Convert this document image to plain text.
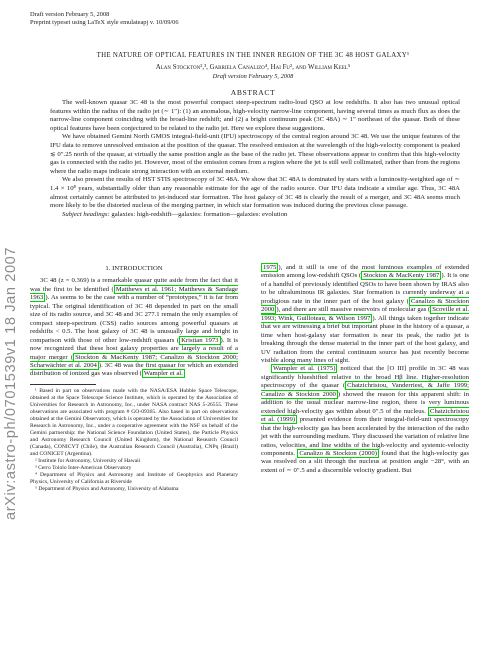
Draft version February 5, 2008
Preprint typeset using LaTeX style emulateapj v. 10/09/06
arXiv:astro-ph/0701539v1 18 Jan 2007
THE NATURE OF OPTICAL FEATURES IN THE INNER REGION OF THE 3C 48 HOST GALAXY¹
Alan Stockton²,³, Gabriela Canalizo⁴, Hai Fu², and William Keel⁵
Draft version February 5, 2008
ABSTRACT

The well-known quasar 3C 48 is the most powerful compact steep-spectrum radio-loud QSO at low redshifts. It also has two unusual optical features within the radius of the radio jet (∼ 1″): (1) an anomalous, high-velocity narrow-line component, having several times as much flux as does the narrow-line component coinciding with the broad-line redshift; and (2) a bright continuum peak (3C 48A) ∼ 1″ northeast of the quasar. Both of these optical features have been conjectured to be related to the radio jet. Here we explore these suggestions.

We have obtained Gemini North GMOS integral-field-unit (IFU) spectroscopy of the central region around 3C 48. We use the unique features of the IFU data to remove unresolved emission at the position of the quasar. The resolved emission at the wavelength of the high-velocity component is peaked ≲ 0″.25 north of the quasar, at virtually the same position angle as the base of the radio jet. These observations appear to confirm that this high-velocity gas is connected with the radio jet. However, most of the emission comes from a region where the jet is still well collimated, rather than from the regions where the radio maps indicate strong interaction with an external medium.

We also present the results of HST STIS spectroscopy of 3C 48A. We show that 3C 48A is dominated by stars with a luminosity-weighted age of ∼ 1.4 × 10⁸ years, substantially older than any reasonable estimate for the age of the radio source. Our IFU data indicate a similar age. Thus, 3C 48A almost certainly cannot be attributed to jet-induced star formation. The host galaxy of 3C 48 is clearly the result of a merger, and 3C 48A seems much more likely to be the distorted nucleus of the merging partner, in which star formation was induced during the previous close passage.

Subject headings: galaxies: high-redshift—galaxies: formation—galaxies: evolution

1. INTRODUCTION

3C 48 (z = 0.369) is a remarkable quasar quite aside from the fact that it was the first to be identified ( Matthews et al. 1961; Matthews & Sandage 1963 ). As seems to be the case with a number of “prototypes,” it is far from typical. The original identification of 3C 48 depended in part on the small size of its radio source, and 3C 48 and 3C 277.1 remain the only examples of compact steep-spectrum (CSS) radio sources among powerful quasars at redshifts < 0.5. The host galaxy of 3C 48 is unusually large and bright in comparison with those of other low-redshift quasars ( Kristian 1973 ). It is now recognized that these host galaxy properties are largely a result of a major merger ( Stockton & MacKenty 1987; Canalizo & Stockton 2000; Scharwächter et al. 2004 ). 3C 48 was the first quasar for which an extended distribution of ionized gas was observed ( Wampler et al.

¹ Based in part on observations made with the NASA/ESA Hubble Space Telescope, obtained at the Space Telescope Science Institute, which is operated by the Association of Universities for Research in Astronomy, Inc., under NASA contract NAS 5-26555. These observations are associated with program # GO-09365. Also based in part on observations obtained at the Gemini Observatory, which is operated by the Association of Universities for Research in Astronomy, Inc., under a cooperative agreement with the NSF on behalf of the Gemini partnership: the National Science Foundation (United States), the Particle Physics and Astronomy Research Council (United Kingdom), the National Research Council (Canada), CONICYT (Chile), the Australian Research Council (Australia), CNPq (Brazil) and CONICET (Argentina).

² Institute for Astronomy, University of Hawaii

³ Cerro Tololo Inter-American Observatory

⁴ Department of Physics and Astronomy and Institute of Geophysics and Planetary Physics, University of California at Riverside

⁵ Department of Physics and Astronomy, University of Alabama

1975 ), and it still is one of the most luminous examples of extended emission among low-redshift QSOs ( Stockton & MacKenty 1987 ). It is one of a handful of previously identified QSOs to have been shown by IRAS also to be ultraluminous IR galaxies. Star formation is currently underway at a prodigious rate in the inner part of the host galaxy ( Canalizo & Stockton 2000 ), and there are still massive reservoirs of molecular gas ( Scoville et al. 1993; Wink, Guilloteau, & Wilson 1997 ). All things taken together indicate that we are witnessing a brief but important phase in the history of a quasar, a time when host-galaxy star formation is near its peak, the radio jet is breaking through the dense material in the inner part of the host galaxy, and UV radiation from the central continuum source has just recently become visible along many lines of sight.

Wampler et al. (1975) noticed that the [O III] profile in 3C 48 was significantly blueshifted relative to the broad Hβ line. Higher-resolution spectroscopy of the quasar ( Chatzichristou, Vanderriest, & Jaffe 1999; Canalizo & Stockton 2000 ) showed the reason for this apparent shift: in addition to the usual nuclear narrow-line region, there is very luminous extended high-velocity gas within about 0″.5 of the nucleus. Chatzichristou et al. (1999) presented evidence from their integral-field-unit spectroscopy that the high-velocity gas has been accelerated by the interaction of the radio jet with the surrounding medium. They discussed the variation of relative line ratios, velocities, and line widths of the high-velocity and systemic-velocity components. Canalizo & Stockton (2000) found that the high-velocity gas was resolved on a slit through the nucleus at position angle −28°, with an extent of ∼ 0″.5 and a discernible velocity gradient. But
